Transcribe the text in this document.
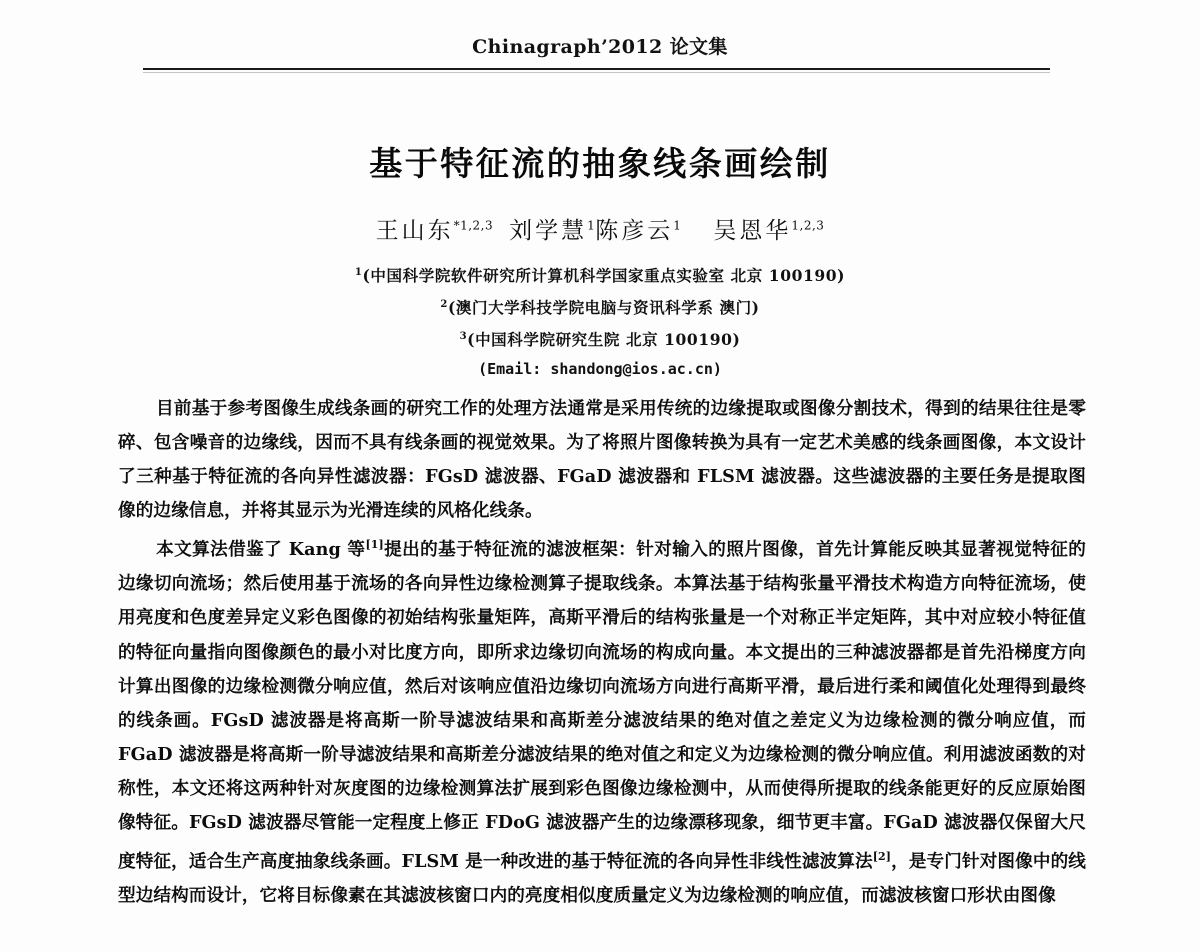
Chinagraph’2012 论文集
基于特征流的抽象线条画绘制
王山东$^{*1,2,3}$ 刘学慧$^1$陈彦云$^1$ 吴恩华$^{1,2,3}$
$^1$(中国科学院软件研究所计算机科学国家重点实验室 北京 100190)
$^2$(澳门大学科技学院电脑与资讯科学系 澳门)
$^3$(中国科学院研究生院 北京 100190)
(Email: shandong@ios.ac.cn)

目前基于参考图像生成线条画的研究工作的处理方法通常是采用传统的边缘提取或图像分割技术，得到的结果往往是零碎、包含噪音的边缘线，因而不具有线条画的视觉效果。为了将照片图像转换为具有一定艺术美感的线条画图像，本文设计了三种基于特征流的各向异性滤波器：FGsD 滤波器、FGaD 滤波器和 FLSM 滤波器。这些滤波器的主要任务是提取图像的边缘信息，并将其显示为光滑连续的风格化线条。

本文算法借鉴了 Kang 等[1]提出的基于特征流的滤波框架：针对输入的照片图像，首先计算能反映其显著视觉特征的边缘切向流场；然后使用基于流场的各向异性边缘检测算子提取线条。本算法基于结构张量平滑技术构造方向特征流场，使用亮度和色度差异定义彩色图像的初始结构张量矩阵，高斯平滑后的结构张量是一个对称正半定矩阵，其中对应较小特征值的特征向量指向图像颜色的最小对比度方向，即所求边缘切向流场的构成向量。本文提出的三种滤波器都是首先沿梯度方向计算出图像的边缘检测微分响应值，然后对该响应值沿边缘切向流场方向进行高斯平滑，最后进行柔和阈值化处理得到最终的线条画。FGsD 滤波器是将高斯一阶导滤波结果和高斯差分滤波结果的绝对值之差定义为边缘检测的微分响应值，而 FGaD 滤波器是将高斯一阶导滤波结果和高斯差分滤波结果的绝对值之和定义为边缘检测的微分响应值。利用滤波函数的对称性，本文还将这两种针对灰度图的边缘检测算法扩展到彩色图像边缘检测中，从而使得所提取的线条能更好的反应原始图像特征。FGsD 滤波器尽管能一定程度上修正 FDoG 滤波器产生的边缘漂移现象，细节更丰富。FGaD 滤波器仅保留大尺度特征，适合生产高度抽象线条画。FLSM 是一种改进的基于特征流的各向异性非线性滤波算法[2]，是专门针对图像中的线型边结构而设计，它将目标像素在其滤波核窗口内的亮度相似度质量定义为边缘检测的响应值，而滤波核窗口形状由图像
